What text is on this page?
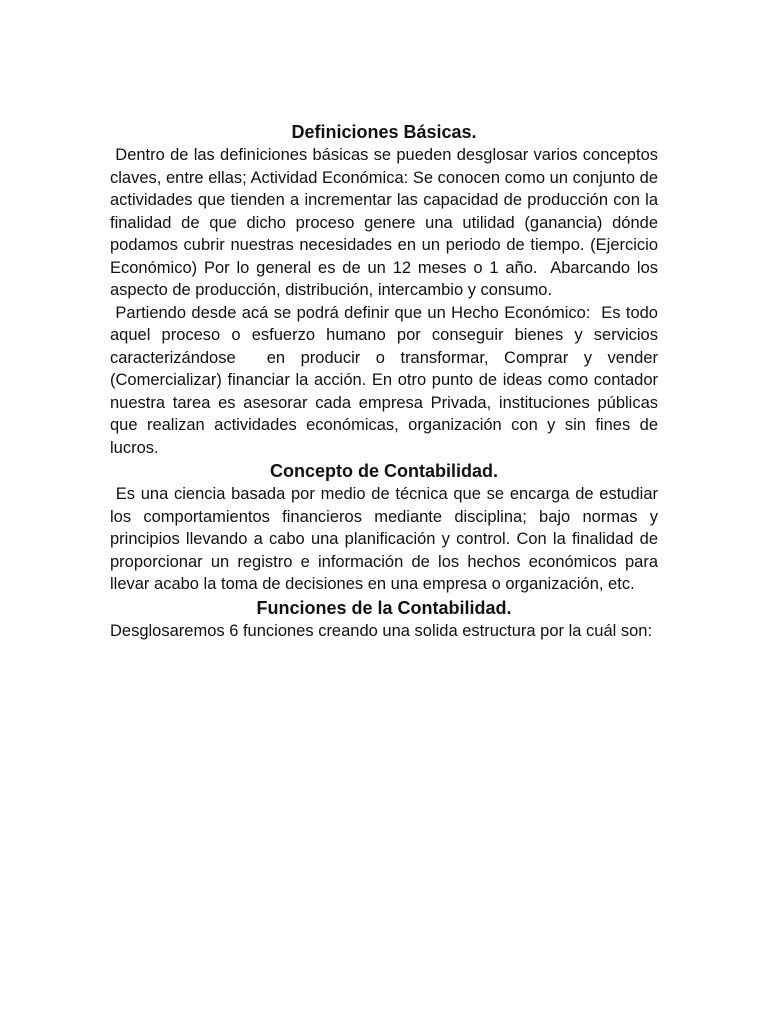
Definiciones Básicas.

Dentro de las definiciones básicas se pueden desglosar varios conceptos claves, entre ellas; Actividad Económica: Se conocen como un conjunto de actividades que tienden a incrementar las capacidad de producción con la finalidad de que dicho proceso genere una utilidad (ganancia) dónde podamos cubrir nuestras necesidades en un periodo de tiempo. (Ejercicio Económico) Por lo general es de un 12 meses o 1 año.  Abarcando los aspecto de producción, distribución, intercambio y consumo.

Partiendo desde acá se podrá definir que un Hecho Económico:  Es todo aquel proceso o esfuerzo humano por conseguir bienes y servicios caracterizándose  en producir o transformar, Comprar y vender (Comercializar) financiar la acción. En otro punto de ideas como contador nuestra tarea es asesorar cada empresa Privada, instituciones públicas que realizan actividades económicas, organización con y sin fines de lucros.

Concepto de Contabilidad.

Es una ciencia basada por medio de técnica que se encarga de estudiar los comportamientos financieros mediante disciplina; bajo normas y principios llevando a cabo una planificación y control. Con la finalidad de proporcionar un registro e información de los hechos económicos para llevar acabo la toma de decisiones en una empresa o organización, etc.

Funciones de la Contabilidad.

Desglosaremos 6 funciones creando una solida estructura por la cuál son:
